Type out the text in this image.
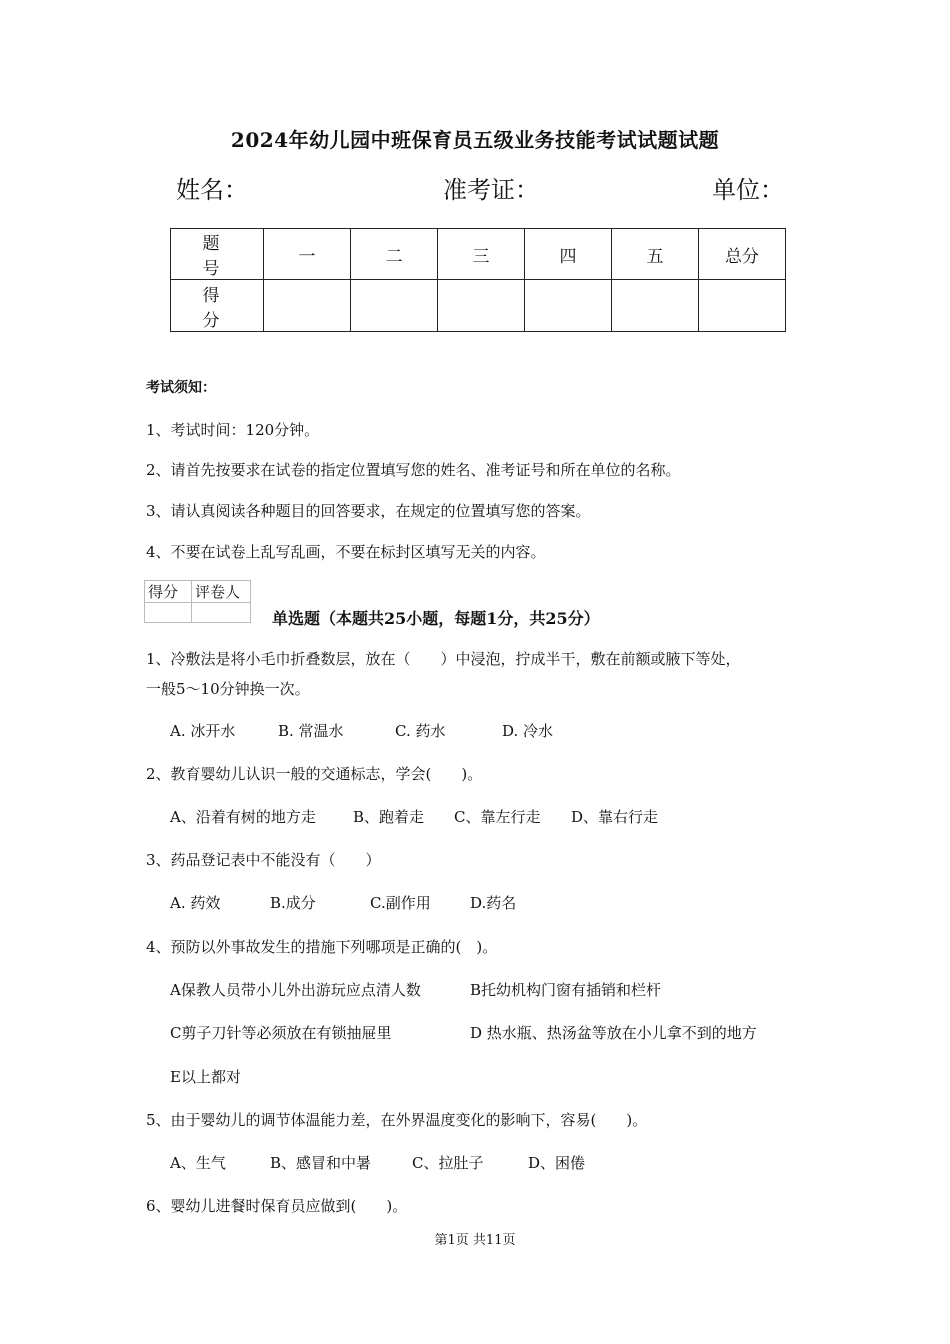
2024年幼儿园中班保育员五级业务技能考试试题试题
姓名：	准考证：	单位：
题　号	一	二	三	四	五	总分
得　分						
考试须知：
1、考试时间：120分钟。
2、请首先按要求在试卷的指定位置填写您的姓名、准考证号和所在单位的名称。
3、请认真阅读各种题目的回答要求，在规定的位置填写您的答案。
4、不要在试卷上乱写乱画，不要在标封区填写无关的内容。
得分	评卷人

单选题（本题共25小题，每题1分，共25分）
1、冷敷法是将小毛巾折叠数层，放在（　　）中浸泡，拧成半干，敷在前额或腋下等处，
一般5～10分钟换一次。
A. 冰开水	B. 常温水	C. 药水	D. 冷水
2、教育婴幼儿认识一般的交通标志，学会(　　)。
A、沿着有树的地方走 B、跑着走 C、靠左行走 D、靠右行走
3、药品登记表中不能没有（　　）
A. 药效	B.成分	C.副作用	D.药名
4、预防以外事故发生的措施下列哪项是正确的(　)。
A保教人员带小儿外出游玩应点清人数	B托幼机构门窗有插销和栏杆
C剪子刀针等必须放在有锁抽屉里	D 热水瓶、热汤盆等放在小儿拿不到的地方
E以上都对
5、由于婴幼儿的调节体温能力差，在外界温度变化的影响下，容易(　　)。
A、生气	B、感冒和中暑	C、拉肚子	D、困倦
6、婴幼儿进餐时保育员应做到(　　)。
第1页 共11页
